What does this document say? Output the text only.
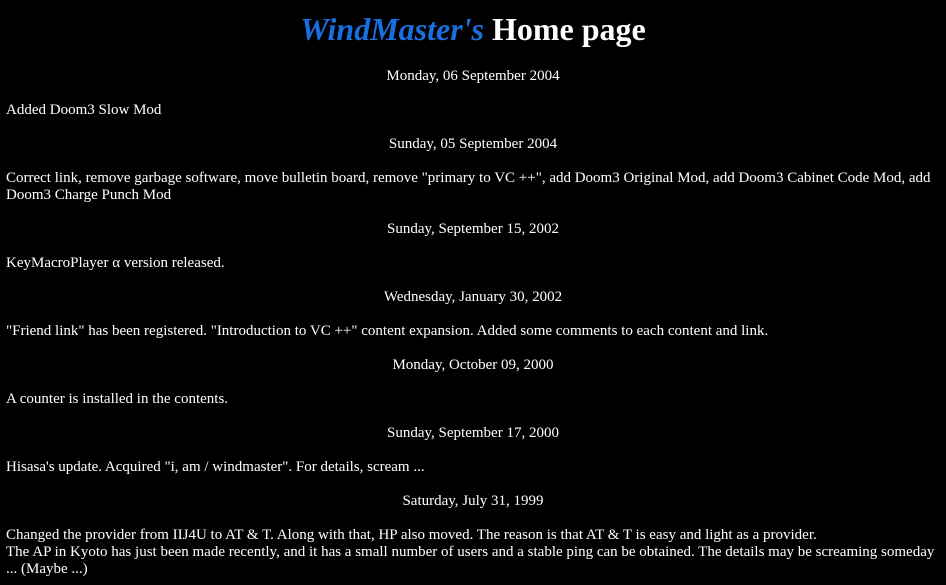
WindMaster's Home page

Monday, 06 September 2004

Added Doom3 Slow Mod

Sunday, 05 September 2004

Correct link, remove garbage software, move bulletin board, remove "primary to VC ++", add Doom3 Original Mod, add Doom3 Cabinet Code Mod, add Doom3 Charge Punch Mod

Sunday, September 15, 2002

KeyMacroPlayer α version released.

Wednesday, January 30, 2002

"Friend link" has been registered. "Introduction to VC ++" content expansion. Added some comments to each content and link.

Monday, October 09, 2000

A counter is installed in the contents.

Sunday, September 17, 2000

Hisasa's update. Acquired "i, am / windmaster". For details, scream ...

Saturday, July 31, 1999

Changed the provider from IIJ4U to AT & T. Along with that, HP also moved. The reason is that AT & T is easy and light as a provider.

The AP in Kyoto has just been made recently, and it has a small number of users and a stable ping can be obtained. The details may be screaming someday ... (Maybe ...)
